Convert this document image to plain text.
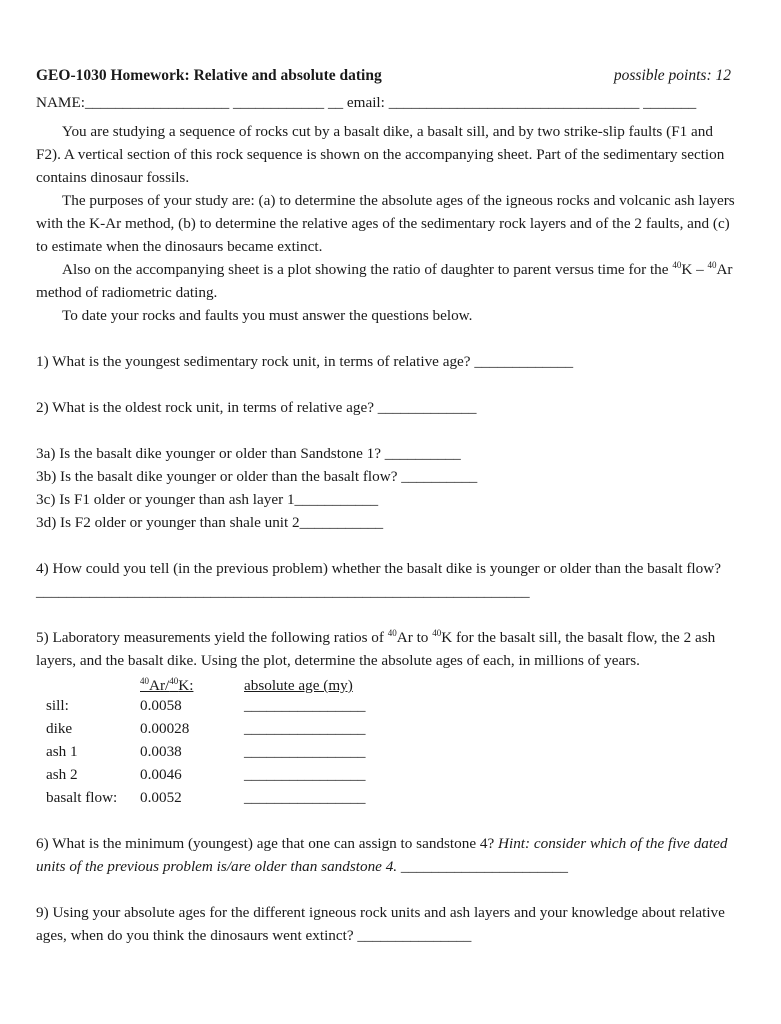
GEO-1030 Homework: Relative and absolute dating	possible points: 12
NAME:___________________ ____________ __ email: _________________________________ _______

You are studying a sequence of rocks cut by a basalt dike, a basalt sill, and by two strike-slip faults (F1 and F2). A vertical section of this rock sequence is shown on the accompanying sheet. Part of the sedimentary section contains dinosaur fossils.

The purposes of your study are: (a) to determine the absolute ages of the igneous rocks and volcanic ash layers with the K-Ar method, (b) to determine the relative ages of the sedimentary rock layers and of the 2 faults, and (c) to estimate when the dinosaurs became extinct.

Also on the accompanying sheet is a plot showing the ratio of daughter to parent versus time for the $^{40}$K – $^{40}$Ar method of radiometric dating.

To date your rocks and faults you must answer the questions below.

1) What is the youngest sedimentary rock unit, in terms of relative age? _____________
2) What is the oldest rock unit, in terms of relative age? _____________
3a) Is the basalt dike younger or older than Sandstone 1? __________
3b) Is the basalt dike younger or older than the basalt flow? __________
3c) Is F1 older or younger than ash layer 1___________
3d) Is F2 older or younger than shale unit 2___________
4) How could you tell (in the previous problem) whether the basalt dike is younger or older than the basalt flow? _________________________________________________________________
5) Laboratory measurements yield the following ratios of $^{40}$Ar to $^{40}$K for the basalt sill, the basalt flow, the 2 ash layers, and the basalt dike. Using the plot, determine the absolute ages of each, in millions of years.
$^{40}$Ar/$^{40}$K:	absolute age (my)
sill:	0.0058	________________
dike	0.00028	________________
ash 1	0.0038	________________
ash 2	0.0046	________________
basalt flow:	0.0052	________________
6) What is the minimum (youngest) age that one can assign to sandstone 4? Hint: consider which of the five dated units of the previous problem is/are older than sandstone 4. ______________________
9) Using your absolute ages for the different igneous rock units and ash layers and your knowledge about relative ages, when do you think the dinosaurs went extinct? _______________
